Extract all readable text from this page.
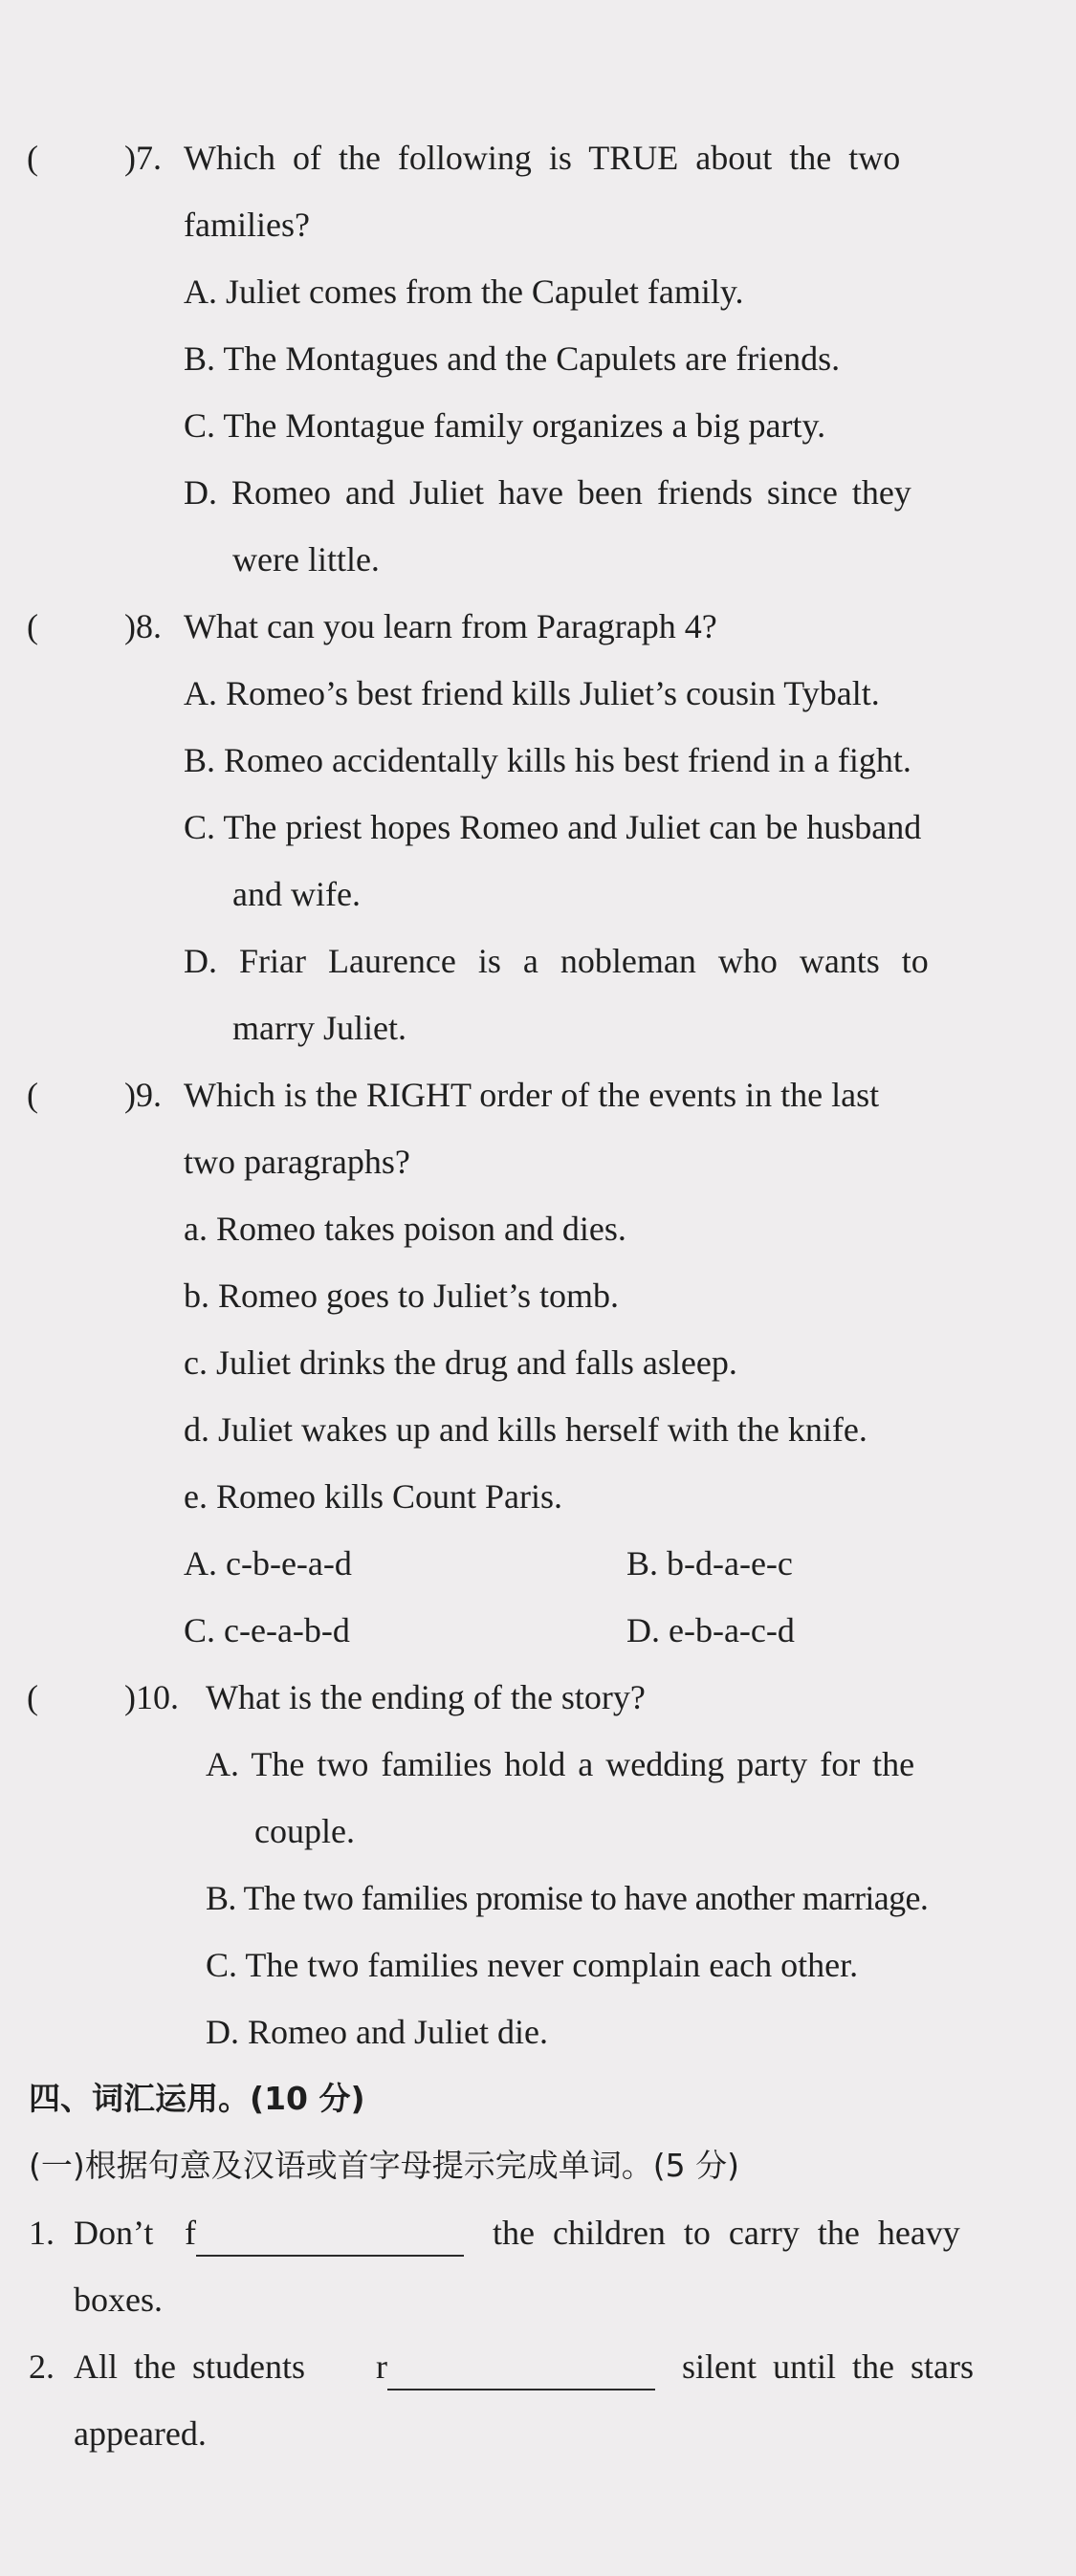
(	)7. Which of the following is TRUE about the two
families?
A. Juliet comes from the Capulet family.
B. The Montagues and the Capulets are friends.
C. The Montague family organizes a big party.
D. Romeo and Juliet have been friends since they
were little.
(	)8. What can you learn from Paragraph 4?
A. Romeo’s best friend kills Juliet’s cousin Tybalt.
B. Romeo accidentally kills his best friend in a fight.
C. The priest hopes Romeo and Juliet can be husband
and wife.
D. Friar Laurence is a nobleman who wants to
marry Juliet.
(	)9. Which is the RIGHT order of the events in the last
two paragraphs?
a. Romeo takes poison and dies.
b. Romeo goes to Juliet’s tomb.
c. Juliet drinks the drug and falls asleep.
d. Juliet wakes up and kills herself with the knife.
e. Romeo kills Count Paris.
A. c-b-e-a-d	B. b-d-a-e-c
C. c-e-a-b-d	D. e-b-a-c-d
(	)10. What is the ending of the story?
A. The two families hold a wedding party for the
couple.
B. The two families promise to have another marriage.
C. The two families never complain each other.
D. Romeo and Juliet die.
四、词汇运用。(10 分)
(一)根据句意及汉语或首字母提示完成单词。(5 分)
1. Don’t f	the children to carry the heavy
boxes.
2. All the students r	silent until the stars
appeared.
